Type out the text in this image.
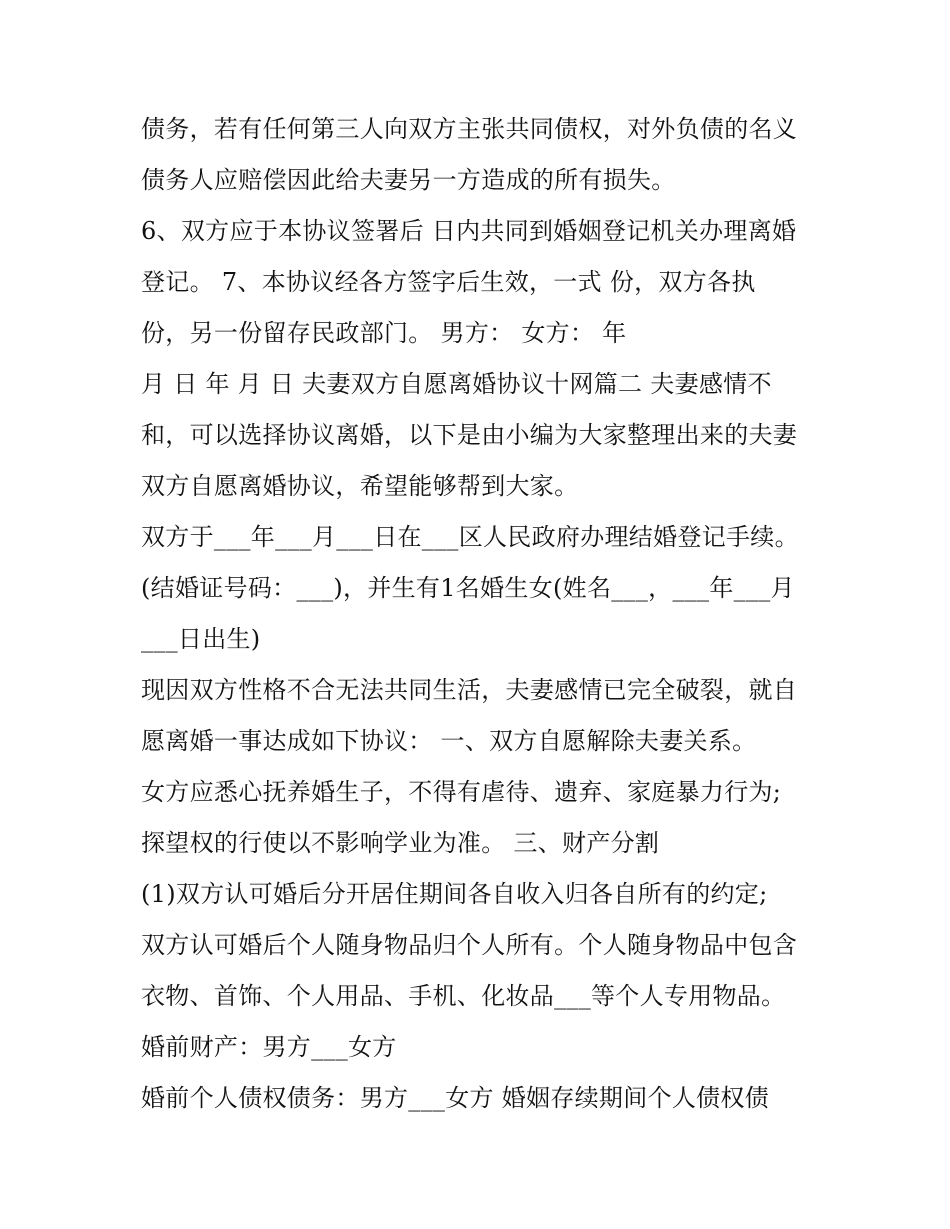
债务，若有任何第三人向双方主张共同债权，对外负债的名义

债务人应赔偿因此给夫妻另一方造成的所有损失。

6、双方应于本协议签署后 日内共同到婚姻登记机关办理离婚

登记。 7、本协议经各方签字后生效，一式 份，双方各执

份，另一份留存民政部门。 男方： 女方： 年

月 日 年 月 日 夫妻双方自愿离婚协议十网篇二 夫妻感情不

和，可以选择协议离婚，以下是由小编为大家整理出来的夫妻

双方自愿离婚协议，希望能够帮到大家。

双方于___年___月___日在___区人民政府办理结婚登记手续。

(结婚证号码：___)，并生有1名婚生女(姓名___，___年___月

___日出生)

现因双方性格不合无法共同生活，夫妻感情已完全破裂，就自

愿离婚一事达成如下协议： 一、双方自愿解除夫妻关系。

女方应悉心抚养婚生子，不得有虐待、遗弃、家庭暴力行为;

探望权的行使以不影响学业为准。 三、财产分割

(1)双方认可婚后分开居住期间各自收入归各自所有的约定;

双方认可婚后个人随身物品归个人所有。个人随身物品中包含

衣物、首饰、个人用品、手机、化妆品___等个人专用物品。

婚前财产：男方___女方

婚前个人债权债务：男方___女方 婚姻存续期间个人债权债
